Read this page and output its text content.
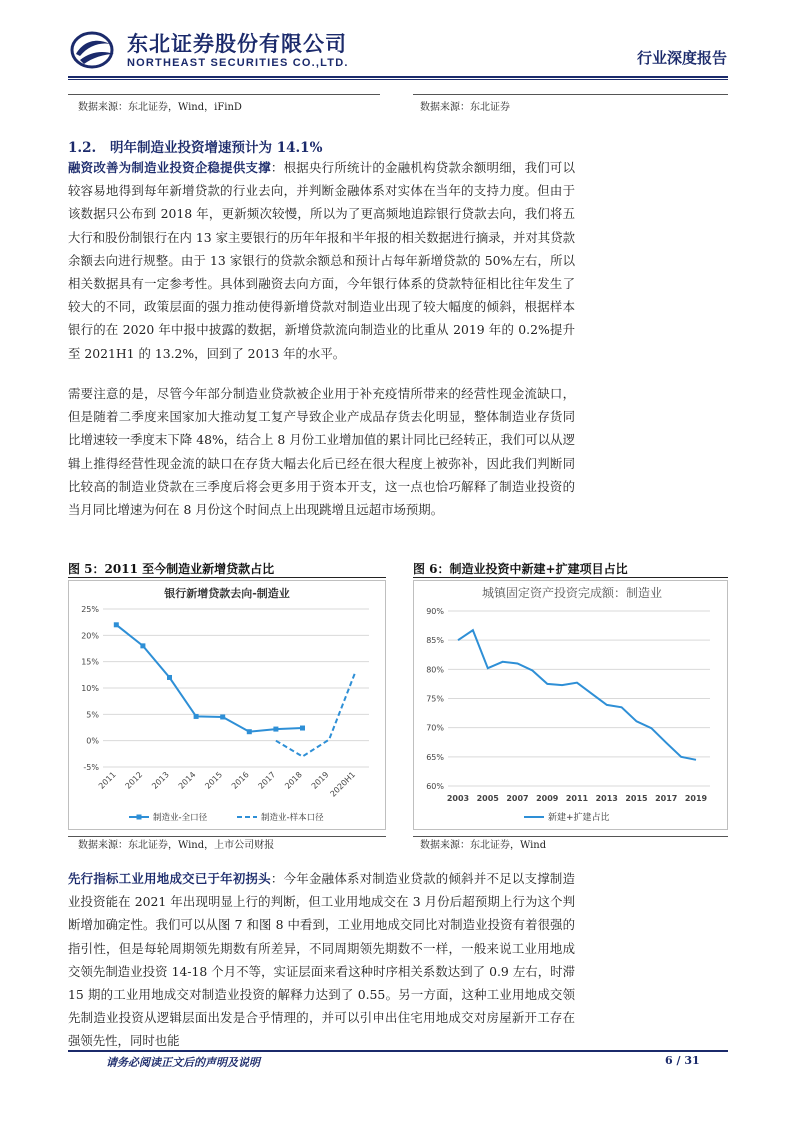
东北证券股份有限公司
NORTHEAST SECURITIES CO.,LTD.	行业深度报告
数据来源：东北证券，Wind，iFinD	数据来源：东北证券
1.2. 明年制造业投资增速预计为 14.1%
融资改善为制造业投资企稳提供支撑：根据央行所统计的金融机构贷款余额明细，我们可以较容易地得到每年新增贷款的行业去向，并判断金融体系对实体在当年的支持力度。但由于该数据只公布到 2018 年，更新频次较慢，所以为了更高频地追踪银行贷款去向，我们将五大行和股份制银行在内 13 家主要银行的历年年报和半年报的相关数据进行摘录，并对其贷款余额去向进行规整。由于 13 家银行的贷款余额总和预计占每年新增贷款的 50%左右，所以相关数据具有一定参考性。具体到融资去向方面，今年银行体系的贷款特征相比往年发生了较大的不同，政策层面的强力推动使得新增贷款对制造业出现了较大幅度的倾斜，根据样本银行的在 2020 年中报中披露的数据，新增贷款流向制造业的比重从 2019 年的 0.2%提升至 2021H1 的 13.2%，回到了 2013 年的水平。
需要注意的是，尽管今年部分制造业贷款被企业用于补充疫情所带来的经营性现金流缺口，但是随着二季度来国家加大推动复工复产导致企业产成品存货去化明显，整体制造业存货同比增速较一季度末下降 48%，结合上 8 月份工业增加值的累计同比已经转正，我们可以从逻辑上推得经营性现金流的缺口在存货大幅去化后已经在很大程度上被弥补，因此我们判断同比较高的制造业贷款在三季度后将会更多用于资本开支，这一点也恰巧解释了制造业投资的当月同比增速为何在 8 月份这个时间点上出现跳增且远超市场预期。
图 5：2011 至今制造业新增贷款占比
银行新增贷款去向-制造业
25%
20%
15%
10%
5%
0%
-5%
2011 2012 2013 2014 2015 2016 2017 2018 2019
2020H1
制造业-全口径	制造业-样本口径
数据来源：东北证券，Wind，上市公司财报
图 6：制造业投资中新建+扩建项目占比
城镇固定资产投资完成额：制造业
90%
85%
80%
75%
70%
65%
60%
2003 2005 2007 2009 2011 2013 2015 2017 2019
新建+扩建占比
数据来源：东北证券，Wind
先行指标工业用地成交已于年初拐头：今年金融体系对制造业贷款的倾斜并不足以支撑制造业投资能在 2021 年出现明显上行的判断，但工业用地成交在 3 月份后超预期上行为这个判断增加确定性。我们可以从图 7 和图 8 中看到，工业用地成交同比对制造业投资有着很强的指引性，但是每轮周期领先期数有所差异，不同周期领先期数不一样，一般来说工业用地成交领先制造业投资 14-18 个月不等，实证层面来看这种时序相关系数达到了 0.9 左右，时滞 15 期的工业用地成交对制造业投资的解释力达到了 0.55。另一方面，这种工业用地成交领先制造业投资从逻辑层面出发是合乎情理的，并可以引申出住宅用地成交对房屋新开工存在强领先性，同时也能
请务必阅读正文后的声明及说明	6 / 31
